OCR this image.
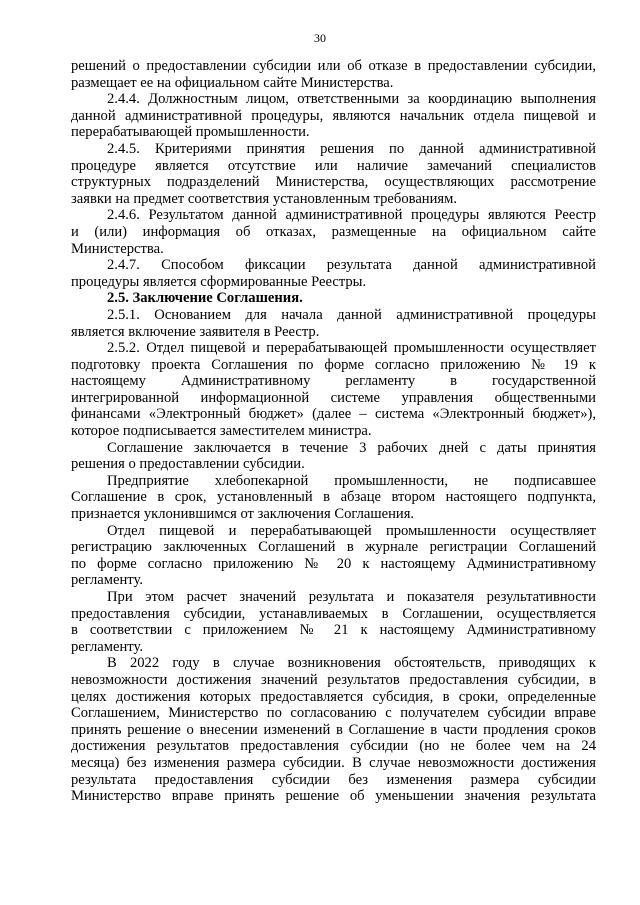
30

решений о предоставлении субсидии или об отказе в предоставлении субсидии,

размещает ее на официальном сайте Министерства.

2.4.4. Должностным лицом, ответственными за координацию выполнения

данной административной процедуры, являются начальник отдела пищевой и

перерабатывающей промышленности.

2.4.5. Критериями принятия решения по данной административной

процедуре является отсутствие или наличие замечаний специалистов

структурных подразделений Министерства, осуществляющих рассмотрение

заявки на предмет соответствия установленным требованиям.

2.4.6. Результатом данной административной процедуры являются Реестр

и (или) информация об отказах, размещенные на официальном сайте

Министерства.

2.4.7. Способом фиксации результата данной административной

процедуры является сформированные Реестры.

2.5. Заключение Соглашения.

2.5.1. Основанием для начала данной административной процедуры

является включение заявителя в Реестр.

2.5.2. Отдел пищевой и перерабатывающей промышленности осуществляет

подготовку проекта Соглашения по форме согласно приложению № 19 к

настоящему Административному регламенту в государственной

интегрированной информационной системе управления общественными

финансами «Электронный бюджет» (далее – система «Электронный бюджет»),

которое подписывается заместителем министра.

Соглашение заключается в течение 3 рабочих дней с даты принятия

решения о предоставлении субсидии.

Предприятие хлебопекарной промышленности, не подписавшее

Соглашение в срок, установленный в абзаце втором настоящего подпункта,

признается уклонившимся от заключения Соглашения.

Отдел пищевой и перерабатывающей промышленности осуществляет

регистрацию заключенных Соглашений в журнале регистрации Соглашений

по форме согласно приложению № 20 к настоящему Административному

регламенту.

При этом расчет значений результата и показателя результативности

предоставления субсидии, устанавливаемых в Соглашении, осуществляется

в соответствии с приложением № 21 к настоящему Административному

регламенту.

В 2022 году в случае возникновения обстоятельств, приводящих к

невозможности достижения значений результатов предоставления субсидии, в

целях достижения которых предоставляется субсидия, в сроки, определенные

Соглашением, Министерство по согласованию с получателем субсидии вправе

принять решение о внесении изменений в Соглашение в части продления сроков

достижения результатов предоставления субсидии (но не более чем на 24

месяца) без изменения размера субсидии. В случае невозможности достижения

результата предоставления субсидии без изменения размера субсидии

Министерство вправе принять решение об уменьшении значения результата
